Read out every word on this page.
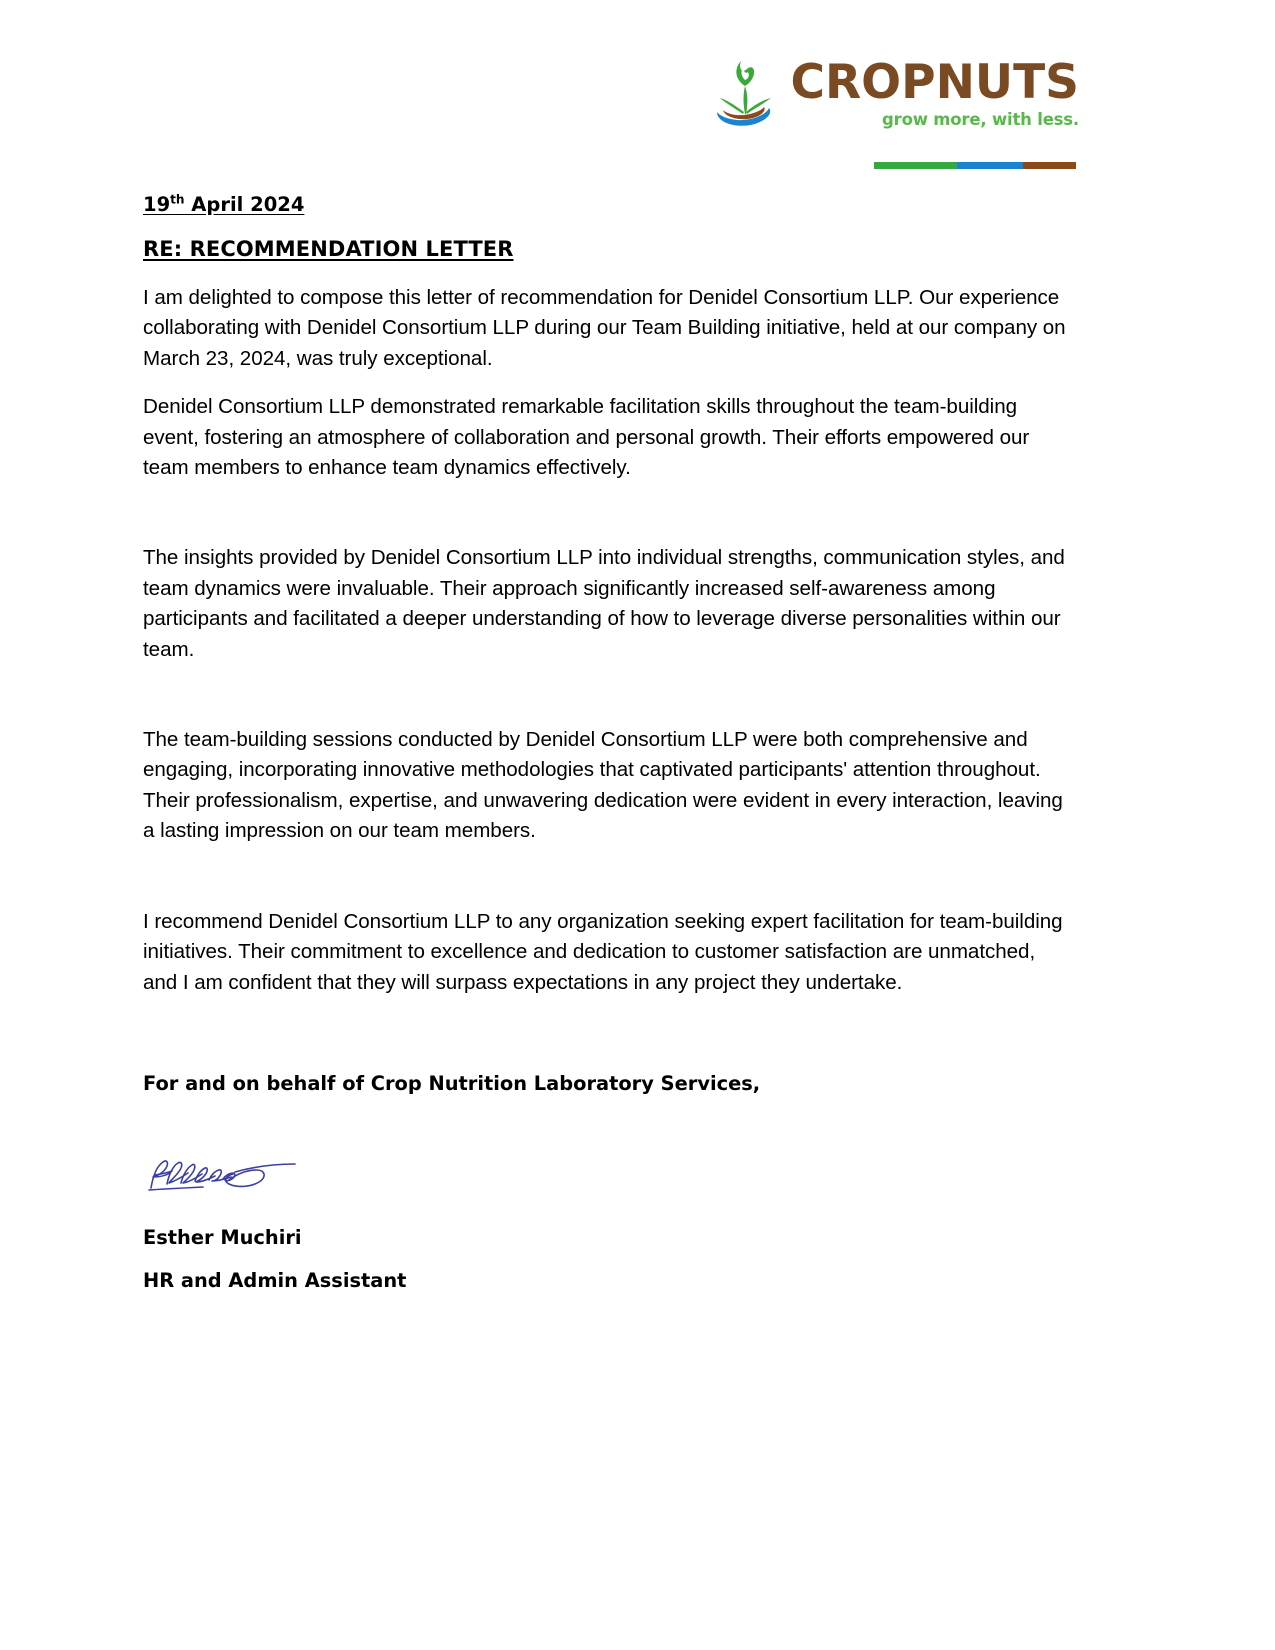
CROPNUTS
grow more, with less.
19th April 2024
RE: RECOMMENDATION LETTER

I am delighted to compose this letter of recommendation for Denidel Consortium LLP. Our experience collaborating with Denidel Consortium LLP during our Team Building initiative, held at our company on March 23, 2024, was truly exceptional.

Denidel Consortium LLP demonstrated remarkable facilitation skills throughout the team-building event, fostering an atmosphere of collaboration and personal growth. Their efforts empowered our team members to enhance team dynamics effectively.

The insights provided by Denidel Consortium LLP into individual strengths, communication styles, and team dynamics were invaluable. Their approach significantly increased self-awareness among participants and facilitated a deeper understanding of how to leverage diverse personalities within our team.

The team-building sessions conducted by Denidel Consortium LLP were both comprehensive and engaging, incorporating innovative methodologies that captivated participants' attention throughout. Their professionalism, expertise, and unwavering dedication were evident in every interaction, leaving a lasting impression on our team members.

I recommend Denidel Consortium LLP to any organization seeking expert facilitation for team-building initiatives. Their commitment to excellence and dedication to customer satisfaction are unmatched, and I am confident that they will surpass expectations in any project they undertake.

For and on behalf of Crop Nutrition Laboratory Services,
Esther Muchiri
HR and Admin Assistant
